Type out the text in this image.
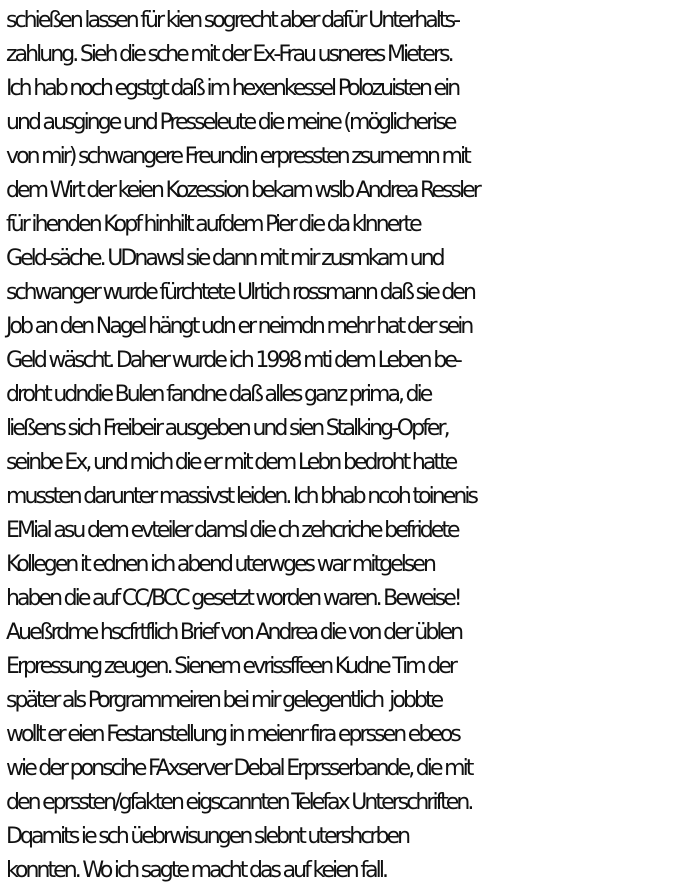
schießen lassen für kien sogrecht aber dafür Unterhalts-
zahlung. Sieh die sche mit der Ex-Frau usneres Mieters.
Ich hab noch egstgt daß im hexenkessel Polozuisten ein
und ausginge und Presseleute die meine (möglicherise
von mir) schwangere Freundin erpressten zsumemn mit
dem Wirt der keien Kozession bekam wslb Andrea Ressler
für ihenden Kopf hinhilt aufdem Pier die da klnnerte
Geld-säche. UDnawsl sie dann mit mir zusmkam und
schwanger wurde fürchtete Ulrtich rossmann daß sie den
Job an den Nagel hängt udn er neimdn mehr hat der sein
Geld wäscht. Daher wurde ich 1998 mti dem Leben be-
droht udndie Bulen fandne daß alles ganz prima, die
ließens sich Freibeir ausgeben und sien Stalking-Opfer,
seinbe Ex, und mich die er mit dem Lebn bedroht hatte
mussten darunter massivst leiden. Ich bhab ncoh toinenis
EMial asu dem evteiler damsl die ch zehcriche befridete
Kollegen it ednen ich abend uterwges war mitgelsen
haben die auf CC/BCC gesetzt worden waren. Beweise!
Aueßrdme hscfrtflich Brief von Andrea die von der üblen
Erpressung zeugen. Sienem evrissffeen Kudne Tim der
später als Porgrammeiren bei mir gelegentlich  jobbte
wollt er eien Festanstellung in meienr fira eprssen ebeos
wie der ponscihe FAxserver Debal Erprsserbande, die mit
den eprssten/gfakten eigscannten Telefax Unterschriften.
Dqamits ie sch üebrwisungen slebnt utershcrben
konnten. Wo ich sagte macht das auf keien fall.
